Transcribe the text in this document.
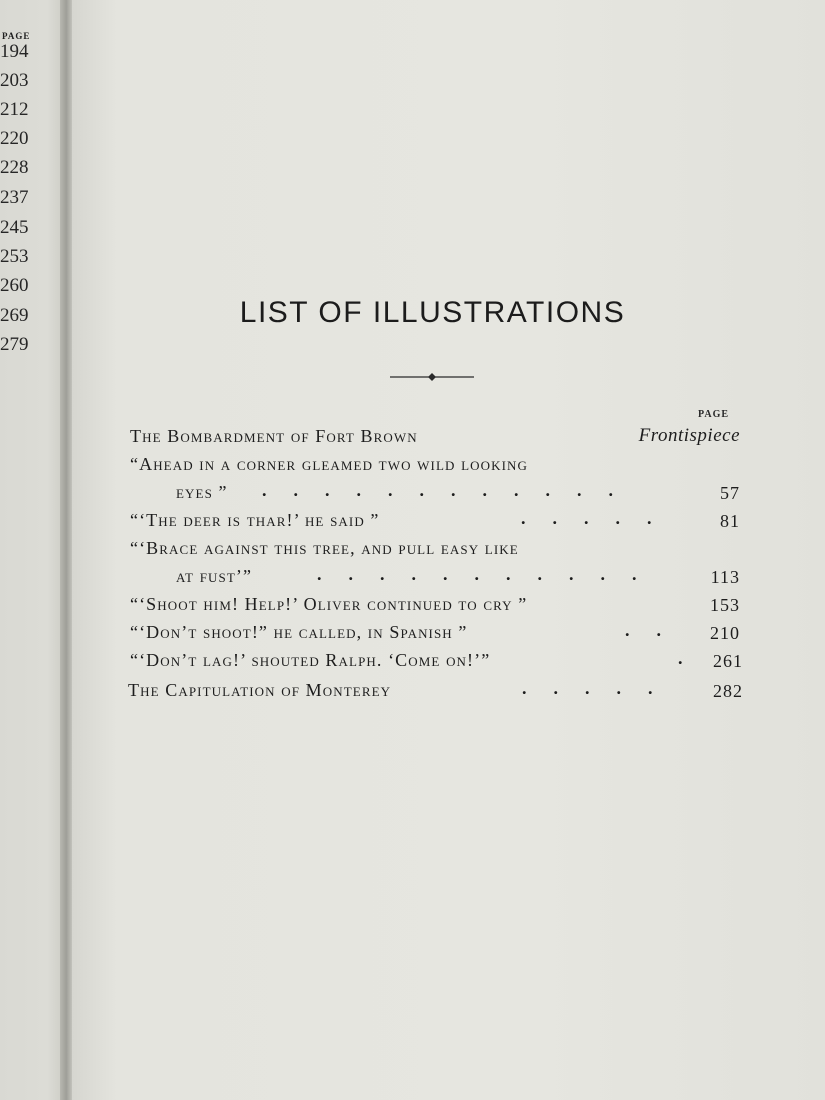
PAGE
194
203
212
220
228
237
245
253
260
269
279
LIST OF ILLUSTRATIONS
PAGE
The Bombardment of Fort Brown	Frontispiece
“Ahead in a corner gleamed two wild looking
eyes ” .      .      .      .      .      .      .      .      .      .      .      .	57
“‘The deer is thar!’ he said ”	.      .      .      .      .	81
“‘Brace against this tree, and pull easy like
at fust’”	.      .      .      .      .      .      .      .      .      .      .	113
“‘Shoot him! Help!’ Oliver continued to cry ”	153
“‘Don’t shoot!” he called, in Spanish ”	.      .	210
“‘Don’t lag!’ shouted Ralph. ‘Come on!’”	.	261
The Capitulation of Monterey	.      .      .      .      .	282
